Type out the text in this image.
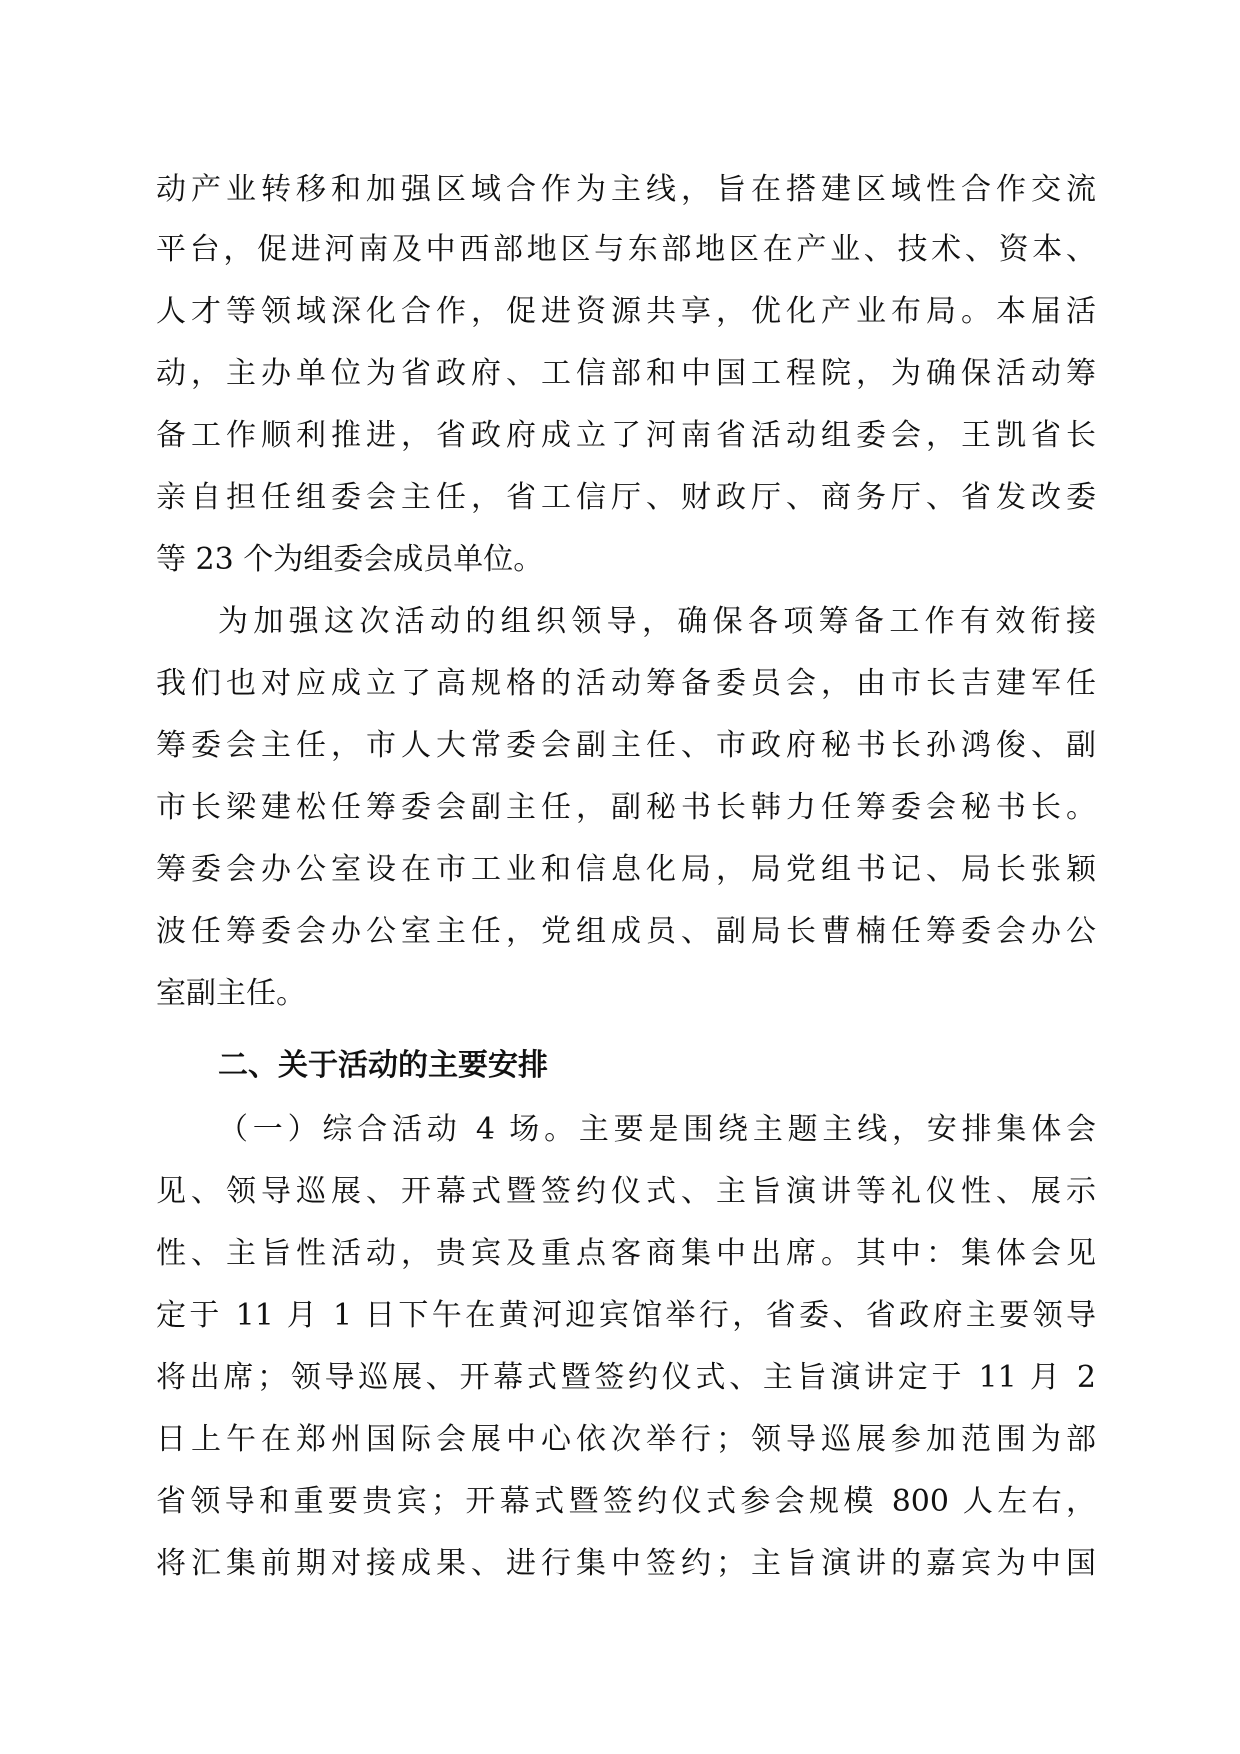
动产业转移和加强区域合作为主线，旨在搭建区域性合作交流
平台，促进河南及中西部地区与东部地区在产业、技术、资本、
人才等领域深化合作，促进资源共享，优化产业布局。本届活
动，主办单位为省政府、工信部和中国工程院，为确保活动筹
备工作顺利推进，省政府成立了河南省活动组委会，王凯省长
亲自担任组委会主任，省工信厅、财政厅、商务厅、省发改委
等 23 个为组委会成员单位。
为加强这次活动的组织领导，确保各项筹备工作有效衔接
我们也对应成立了高规格的活动筹备委员会，由市长吉建军任
筹委会主任，市人大常委会副主任、市政府秘书长孙鸿俊、副
市长梁建松任筹委会副主任，副秘书长韩力任筹委会秘书长。
筹委会办公室设在市工业和信息化局，局党组书记、局长张颖
波任筹委会办公室主任，党组成员、副局长曹楠任筹委会办公
室副主任。
二、关于活动的主要安排
（一）综合活动 4 场。主要是围绕主题主线，安排集体会
见、领导巡展、开幕式暨签约仪式、主旨演讲等礼仪性、展示
性、主旨性活动，贵宾及重点客商集中出席。其中：集体会见
定于 11 月 1 日下午在黄河迎宾馆举行，省委、省政府主要领导
将出席；领导巡展、开幕式暨签约仪式、主旨演讲定于 11 月 2
日上午在郑州国际会展中心依次举行；领导巡展参加范围为部
省领导和重要贵宾；开幕式暨签约仪式参会规模 800 人左右，
将汇集前期对接成果、进行集中签约；主旨演讲的嘉宾为中国
